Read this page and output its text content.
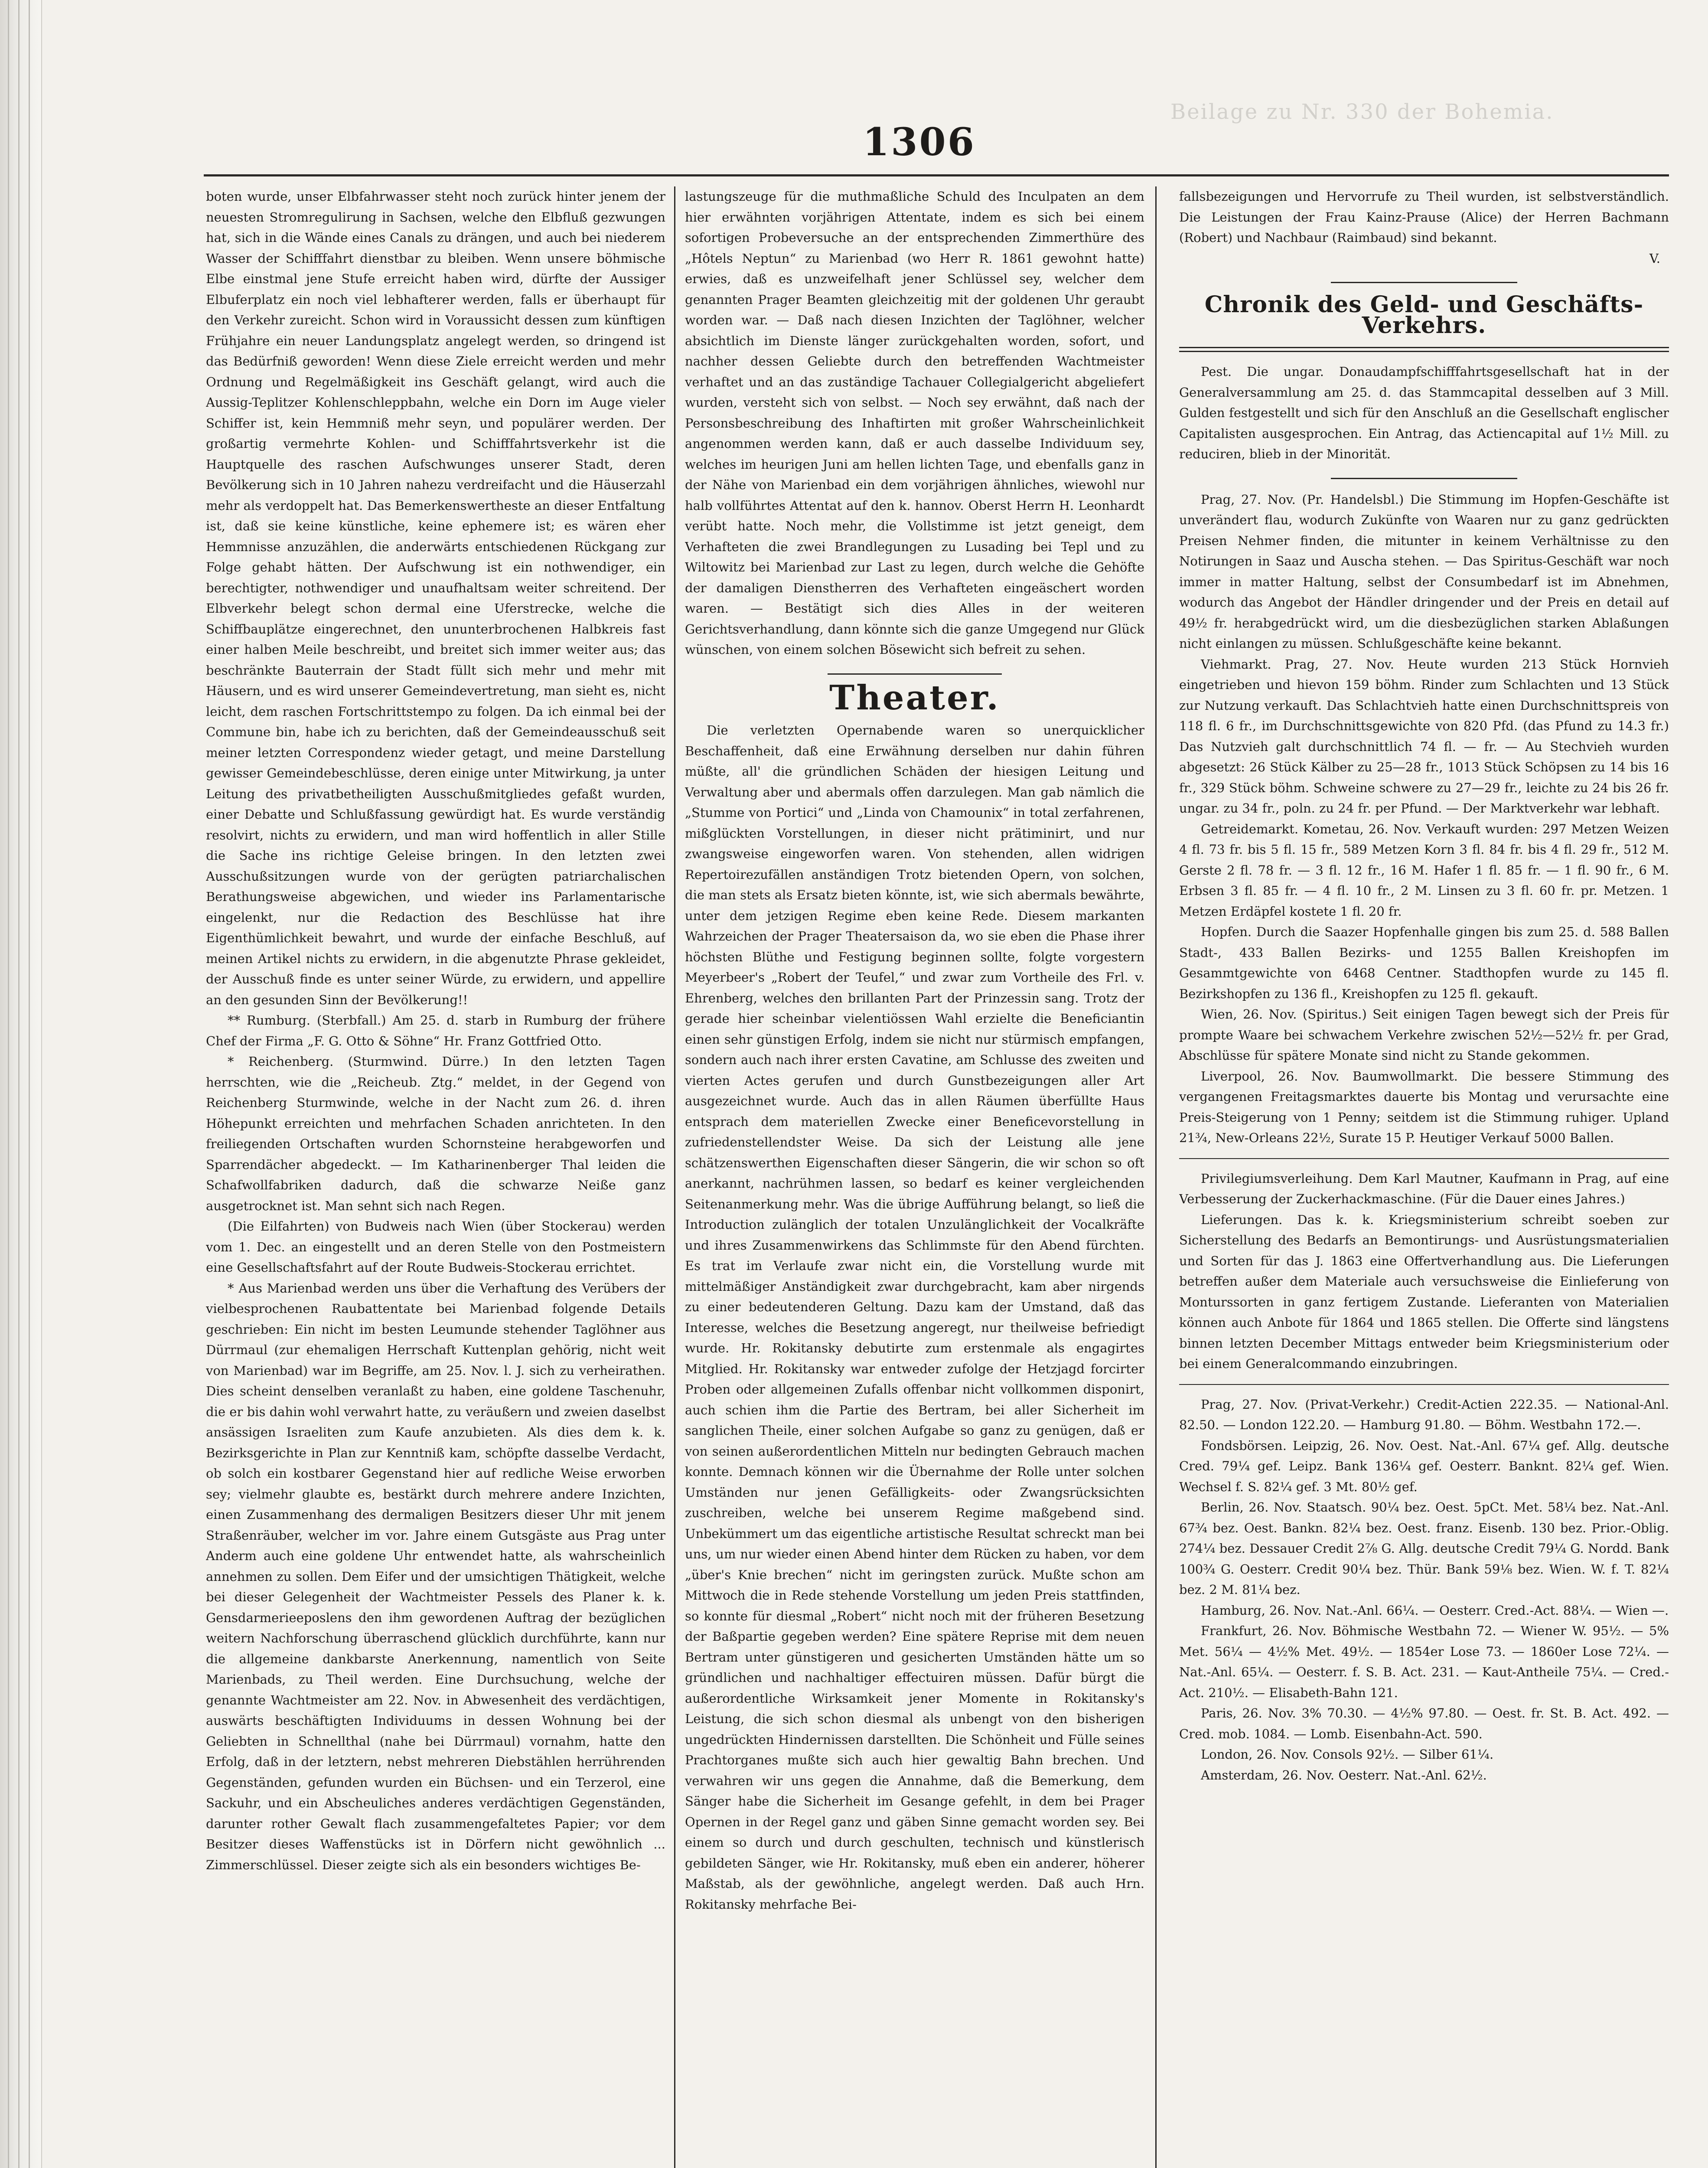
Beilage zu Nr. 330 der Bohemia.
1306

boten wurde, unser Elbfahrwasser steht noch zurück hinter jenem der neuesten Stromregulirung in Sachsen, welche den Elbfluß gezwungen hat, sich in die Wände eines Canals zu drängen, und auch bei niederem Wasser der Schifffahrt dienstbar zu bleiben. Wenn unsere böhmische Elbe einstmal jene Stufe erreicht haben wird, dürfte der Aussiger Elbuferplatz ein noch viel lebhafterer werden, falls er überhaupt für den Verkehr zureicht. Schon wird in Voraussicht dessen zum künftigen Frühjahre ein neuer Landungsplatz angelegt werden, so dringend ist das Bedürfniß geworden! Wenn diese Ziele erreicht werden und mehr Ordnung und Regelmäßigkeit ins Geschäft gelangt, wird auch die Aussig-Teplitzer Kohlenschleppbahn, welche ein Dorn im Auge vieler Schiffer ist, kein Hemmniß mehr seyn, und populärer werden. Der großartig vermehrte Kohlen- und Schifffahrtsverkehr ist die Hauptquelle des raschen Aufschwunges unserer Stadt, deren Bevölkerung sich in 10 Jahren nahezu verdreifacht und die Häuserzahl mehr als verdoppelt hat. Das Bemerkenswertheste an dieser Entfaltung ist, daß sie keine künstliche, keine ephemere ist; es wären eher Hemmnisse anzuzählen, die anderwärts entschiedenen Rückgang zur Folge gehabt hätten. Der Aufschwung ist ein nothwendiger, ein berechtigter, nothwendiger und unaufhaltsam weiter schreitend. Der Elbverkehr belegt schon dermal eine Uferstrecke, welche die Schiffbauplätze eingerechnet, den ununterbrochenen Halbkreis fast einer halben Meile beschreibt, und breitet sich immer weiter aus; das beschränkte Bauterrain der Stadt füllt sich mehr und mehr mit Häusern, und es wird unserer Gemeindevertretung, man sieht es, nicht leicht, dem raschen Fortschrittstempo zu folgen. Da ich einmal bei der Commune bin, habe ich zu berichten, daß der Gemeindeausschuß seit meiner letzten Correspondenz wieder getagt, und meine Darstellung gewisser Gemeindebeschlüsse, deren einige unter Mitwirkung, ja unter Leitung des privatbetheiligten Ausschußmitgliedes gefaßt wurden, einer Debatte und Schlußfassung gewürdigt hat. Es wurde verständig resolvirt, nichts zu erwidern, und man wird hoffentlich in aller Stille die Sache ins richtige Geleise bringen. In den letzten zwei Ausschußsitzungen wurde von der gerügten patriarchalischen Berathungsweise abgewichen, und wieder ins Parlamentarische eingelenkt, nur die Redaction des Beschlüsse hat ihre Eigenthümlichkeit bewahrt, und wurde der einfache Beschluß, auf meinen Artikel nichts zu erwidern, in die abgenutzte Phrase gekleidet, der Ausschuß finde es unter seiner Würde, zu erwidern, und appellire an den gesunden Sinn der Bevölkerung!!

** Rumburg. (Sterbfall.) Am 25. d. starb in Rumburg der frühere Chef der Firma „F. G. Otto & Söhne“ Hr. Franz Gottfried Otto.

* Reichenberg. (Sturmwind. Dürre.) In den letzten Tagen herrschten, wie die „Reicheub. Ztg.“ meldet, in der Gegend von Reichenberg Sturmwinde, welche in der Nacht zum 26. d. ihren Höhepunkt erreichten und mehrfachen Schaden anrichteten. In den freiliegenden Ortschaften wurden Schornsteine herabgeworfen und Sparrendächer abgedeckt. — Im Katharinenberger Thal leiden die Schafwollfabriken dadurch, daß die schwarze Neiße ganz ausgetrocknet ist. Man sehnt sich nach Regen.

(Die Eilfahrten) von Budweis nach Wien (über Stockerau) werden vom 1. Dec. an eingestellt und an deren Stelle von den Postmeistern eine Gesellschaftsfahrt auf der Route Budweis-Stockerau errichtet.

* Aus Marienbad werden uns über die Verhaftung des Verübers der vielbesprochenen Raubattentate bei Marienbad folgende Details geschrieben: Ein nicht im besten Leumunde stehender Taglöhner aus Dürrmaul (zur ehemaligen Herrschaft Kuttenplan gehörig, nicht weit von Marienbad) war im Begriffe, am 25. Nov. l. J. sich zu verheirathen. Dies scheint denselben veranlaßt zu haben, eine goldene Taschenuhr, die er bis dahin wohl verwahrt hatte, zu veräußern und zweien daselbst ansässigen Israeliten zum Kaufe anzubieten. Als dies dem k. k. Bezirksgerichte in Plan zur Kenntniß kam, schöpfte dasselbe Verdacht, ob solch ein kostbarer Gegenstand hier auf redliche Weise erworben sey; vielmehr glaubte es, bestärkt durch mehrere andere Inzichten, einen Zusammenhang des dermaligen Besitzers dieser Uhr mit jenem Straßenräuber, welcher im vor. Jahre einem Gutsgäste aus Prag unter Anderm auch eine goldene Uhr entwendet hatte, als wahrscheinlich annehmen zu sollen. Dem Eifer und der umsichtigen Thätigkeit, welche bei dieser Gelegenheit der Wachtmeister Pessels des Planer k. k. Gensdarmerieeposlens den ihm gewordenen Auftrag der bezüglichen weitern Nachforschung überraschend glücklich durchführte, kann nur die allgemeine dankbarste Anerkennung, namentlich von Seite Marienbads, zu Theil werden. Eine Durchsuchung, welche der genannte Wachtmeister am 22. Nov. in Abwesenheit des verdächtigen, auswärts beschäftigten Individuums in dessen Wohnung bei der Geliebten in Schnellthal (nahe bei Dürrmaul) vornahm, hatte den Erfolg, daß in der letztern, nebst mehreren Diebstählen herrührenden Gegenständen, gefunden wurden ein Büchsen- und ein Terzerol, eine Sackuhr, und ein Abscheuliches anderes verdächtigen Gegenständen, darunter rother Gewalt flach zusammengefaltetes Papier; vor dem Besitzer dieses Waffenstücks ist in Dörfern nicht gewöhnlich ... Zimmerschlüssel. Dieser zeigte sich als ein besonders wichtiges Be-

lastungszeuge für die muthmaßliche Schuld des Inculpaten an dem hier erwähnten vorjährigen Attentate, indem es sich bei einem sofortigen Probeversuche an der entsprechenden Zimmerthüre des „Hôtels Neptun“ zu Marienbad (wo Herr R. 1861 gewohnt hatte) erwies, daß es unzweifelhaft jener Schlüssel sey, welcher dem genannten Prager Beamten gleichzeitig mit der goldenen Uhr geraubt worden war. — Daß nach diesen Inzichten der Taglöhner, welcher absichtlich im Dienste länger zurückgehalten worden, sofort, und nachher dessen Geliebte durch den betreffenden Wachtmeister verhaftet und an das zuständige Tachauer Collegialgericht abgeliefert wurden, versteht sich von selbst. — Noch sey erwähnt, daß nach der Personsbeschreibung des Inhaftirten mit großer Wahrscheinlichkeit angenommen werden kann, daß er auch dasselbe Individuum sey, welches im heurigen Juni am hellen lichten Tage, und ebenfalls ganz in der Nähe von Marienbad ein dem vorjährigen ähnliches, wiewohl nur halb vollführtes Attentat auf den k. hannov. Oberst Herrn H. Leonhardt verübt hatte. Noch mehr, die Vollstimme ist jetzt geneigt, dem Verhafteten die zwei Brandlegungen zu Lusading bei Tepl und zu Wiltowitz bei Marienbad zur Last zu legen, durch welche die Gehöfte der damaligen Dienstherren des Verhafteten eingeäschert worden waren. — Bestätigt sich dies Alles in der weiteren Gerichtsverhandlung, dann könnte sich die ganze Umgegend nur Glück wünschen, von einem solchen Bösewicht sich befreit zu sehen.

Theater.

Die verletzten Opernabende waren so unerquicklicher Beschaffenheit, daß eine Erwähnung derselben nur dahin führen müßte, all' die gründlichen Schäden der hiesigen Leitung und Verwaltung aber und abermals offen darzulegen. Man gab nämlich die „Stumme von Portici“ und „Linda von Chamounix“ in total zerfahrenen, mißglückten Vorstellungen, in dieser nicht prätiminirt, und nur zwangsweise eingeworfen waren. Von stehenden, allen widrigen Repertoirezufällen anständigen Trotz bietenden Opern, von solchen, die man stets als Ersatz bieten könnte, ist, wie sich abermals bewährte, unter dem jetzigen Regime eben keine Rede. Diesem markanten Wahrzeichen der Prager Theatersaison da, wo sie eben die Phase ihrer höchsten Blüthe und Festigung beginnen sollte, folgte vorgestern Meyerbeer's „Robert der Teufel,“ und zwar zum Vortheile des Frl. v. Ehrenberg, welches den brillanten Part der Prinzessin sang. Trotz der gerade hier scheinbar vielentiössen Wahl erzielte die Beneficiantin einen sehr günstigen Erfolg, indem sie nicht nur stürmisch empfangen, sondern auch nach ihrer ersten Cavatine, am Schlusse des zweiten und vierten Actes gerufen und durch Gunstbezeigungen aller Art ausgezeichnet wurde. Auch das in allen Räumen überfüllte Haus entsprach dem materiellen Zwecke einer Beneficevorstellung in zufriedenstellendster Weise. Da sich der Leistung alle jene schätzenswerthen Eigenschaften dieser Sängerin, die wir schon so oft anerkannt, nachrühmen lassen, so bedarf es keiner vergleichenden Seitenanmerkung mehr. Was die übrige Aufführung belangt, so ließ die Introduction zulänglich der totalen Unzulänglichkeit der Vocalkräfte und ihres Zusammenwirkens das Schlimmste für den Abend fürchten. Es trat im Verlaufe zwar nicht ein, die Vorstellung wurde mit mittelmäßiger Anständigkeit zwar durchgebracht, kam aber nirgends zu einer bedeutenderen Geltung. Dazu kam der Umstand, daß das Interesse, welches die Besetzung angeregt, nur theilweise befriedigt wurde. Hr. Rokitansky debutirte zum erstenmale als engagirtes Mitglied. Hr. Rokitansky war entweder zufolge der Hetzjagd forcirter Proben oder allgemeinen Zufalls offenbar nicht vollkommen disponirt, auch schien ihm die Partie des Bertram, bei aller Sicherheit im sanglichen Theile, einer solchen Aufgabe so ganz zu genügen, daß er von seinen außerordentlichen Mitteln nur bedingten Gebrauch machen konnte. Demnach können wir die Übernahme der Rolle unter solchen Umständen nur jenen Gefälligkeits- oder Zwangsrücksichten zuschreiben, welche bei unserem Regime maßgebend sind. Unbekümmert um das eigentliche artistische Resultat schreckt man bei uns, um nur wieder einen Abend hinter dem Rücken zu haben, vor dem „über's Knie brechen“ nicht im geringsten zurück. Mußte schon am Mittwoch die in Rede stehende Vorstellung um jeden Preis stattfinden, so konnte für diesmal „Robert“ nicht noch mit der früheren Besetzung der Baßpartie gegeben werden? Eine spätere Reprise mit dem neuen Bertram unter günstigeren und gesicherten Umständen hätte um so gründlichen und nachhaltiger effectuiren müssen. Dafür bürgt die außerordentliche Wirksamkeit jener Momente in Rokitansky's Leistung, die sich schon diesmal als unbengt von den bisherigen ungedrückten Hindernissen darstellten. Die Schönheit und Fülle seines Prachtorganes mußte sich auch hier gewaltig Bahn brechen. Und verwahren wir uns gegen die Annahme, daß die Bemerkung, dem Sänger habe die Sicherheit im Gesange gefehlt, in dem bei Prager Opernen in der Regel ganz und gäben Sinne gemacht worden sey. Bei einem so durch und durch geschulten, technisch und künstlerisch gebildeten Sänger, wie Hr. Rokitansky, muß eben ein anderer, höherer Maßstab, als der gewöhnliche, angelegt werden. Daß auch Hrn. Rokitansky mehrfache Bei-

fallsbezeigungen und Hervorrufe zu Theil wurden, ist selbstverständlich. Die Leistungen der Frau Kainz-Prause (Alice) der Herren Bachmann (Robert) und Nachbaur (Raimbaud) sind bekannt.

V.
Chronik des Geld- und Geschäfts-Verkehrs.

Pest. Die ungar. Donaudampfschifffahrtsgesellschaft hat in der Generalversammlung am 25. d. das Stammcapital desselben auf 3 Mill. Gulden festgestellt und sich für den Anschluß an die Gesellschaft englischer Capitalisten ausgesprochen. Ein Antrag, das Actiencapital auf 1½ Mill. zu reduciren, blieb in der Minorität.

Prag, 27. Nov. (Pr. Handelsbl.) Die Stimmung im Hopfen-Geschäfte ist unverändert flau, wodurch Zukünfte von Waaren nur zu ganz gedrückten Preisen Nehmer finden, die mitunter in keinem Verhältnisse zu den Notirungen in Saaz und Auscha stehen. — Das Spiritus-Geschäft war noch immer in matter Haltung, selbst der Consumbedarf ist im Abnehmen, wodurch das Angebot der Händler dringender und der Preis en detail auf 49½ fr. herabgedrückt wird, um die diesbezüglichen starken Ablaßungen nicht einlangen zu müssen. Schlußgeschäfte keine bekannt.

Viehmarkt. Prag, 27. Nov. Heute wurden 213 Stück Hornvieh eingetrieben und hievon 159 böhm. Rinder zum Schlachten und 13 Stück zur Nutzung verkauft. Das Schlachtvieh hatte einen Durchschnittspreis von 118 fl. 6 fr., im Durchschnittsgewichte von 820 Pfd. (das Pfund zu 14.3 fr.) Das Nutzvieh galt durchschnittlich 74 fl. — fr. — Au Stechvieh wurden abgesetzt: 26 Stück Kälber zu 25—28 fr., 1013 Stück Schöpsen zu 14 bis 16 fr., 329 Stück böhm. Schweine schwere zu 27—29 fr., leichte zu 24 bis 26 fr. ungar. zu 34 fr., poln. zu 24 fr. per Pfund. — Der Marktverkehr war lebhaft.

Getreidemarkt. Kometau, 26. Nov. Verkauft wurden: 297 Metzen Weizen 4 fl. 73 fr. bis 5 fl. 15 fr., 589 Metzen Korn 3 fl. 84 fr. bis 4 fl. 29 fr., 512 M. Gerste 2 fl. 78 fr. — 3 fl. 12 fr., 16 M. Hafer 1 fl. 85 fr. — 1 fl. 90 fr., 6 M. Erbsen 3 fl. 85 fr. — 4 fl. 10 fr., 2 M. Linsen zu 3 fl. 60 fr. pr. Metzen. 1 Metzen Erdäpfel kostete 1 fl. 20 fr.

Hopfen. Durch die Saazer Hopfenhalle gingen bis zum 25. d. 588 Ballen Stadt-, 433 Ballen Bezirks- und 1255 Ballen Kreishopfen im Gesammtgewichte von 6468 Centner. Stadthopfen wurde zu 145 fl. Bezirkshopfen zu 136 fl., Kreishopfen zu 125 fl. gekauft.

Wien, 26. Nov. (Spiritus.) Seit einigen Tagen bewegt sich der Preis für prompte Waare bei schwachem Verkehre zwischen 52½—52½ fr. per Grad, Abschlüsse für spätere Monate sind nicht zu Stande gekommen.

Liverpool, 26. Nov. Baumwollmarkt. Die bessere Stimmung des vergangenen Freitagsmarktes dauerte bis Montag und verursachte eine Preis-Steigerung von 1 Penny; seitdem ist die Stimmung ruhiger. Upland 21¾, New-Orleans 22½, Surate 15 P. Heutiger Verkauf 5000 Ballen.

Privilegiumsverleihung. Dem Karl Mautner, Kaufmann in Prag, auf eine Verbesserung der Zuckerhackmaschine. (Für die Dauer eines Jahres.)

Lieferungen. Das k. k. Kriegsministerium schreibt soeben zur Sicherstellung des Bedarfs an Bemontirungs- und Ausrüstungsmaterialien und Sorten für das J. 1863 eine Offertverhandlung aus. Die Lieferungen betreffen außer dem Materiale auch versuchsweise die Einlieferung von Monturssorten in ganz fertigem Zustande. Lieferanten von Materialien können auch Anbote für 1864 und 1865 stellen. Die Offerte sind längstens binnen letzten December Mittags entweder beim Kriegsministerium oder bei einem Generalcommando einzubringen.

Prag, 27. Nov. (Privat-Verkehr.) Credit-Actien 222.35. — National-Anl. 82.50. — London 122.20. — Hamburg 91.80. — Böhm. Westbahn 172.—.

Fondsbörsen. Leipzig, 26. Nov. Oest. Nat.-Anl. 67¼ gef. Allg. deutsche Cred. 79¼ gef. Leipz. Bank 136¼ gef. Oesterr. Banknt. 82¼ gef. Wien. Wechsel f. S. 82¼ gef. 3 Mt. 80½ gef.

Berlin, 26. Nov. Staatsch. 90¼ bez. Oest. 5pCt. Met. 58¼ bez. Nat.-Anl. 67¾ bez. Oest. Bankn. 82¼ bez. Oest. franz. Eisenb. 130 bez. Prior.-Oblig. 274¼ bez. Dessauer Credit 2⅞ G. Allg. deutsche Credit 79¼ G. Nordd. Bank 100¾ G. Oesterr. Credit 90¼ bez. Thür. Bank 59⅛ bez. Wien. W. f. T. 82¼ bez. 2 M. 81¼ bez.

Hamburg, 26. Nov. Nat.-Anl. 66¼. — Oesterr. Cred.-Act. 88¼. — Wien —.

Frankfurt, 26. Nov. Böhmische Westbahn 72. — Wiener W. 95½. — 5% Met. 56¼ — 4½% Met. 49½. — 1854er Lose 73. — 1860er Lose 72¼. — Nat.-Anl. 65¼. — Oesterr. f. S. B. Act. 231. — Kaut-Antheile 75¼. — Cred.-Act. 210½. — Elisabeth-Bahn 121.

Paris, 26. Nov. 3% 70.30. — 4½% 97.80. — Oest. fr. St. B. Act. 492. — Cred. mob. 1084. — Lomb. Eisenbahn-Act. 590.

London, 26. Nov. Consols 92½. — Silber 61¼.

Amsterdam, 26. Nov. Oesterr. Nat.-Anl. 62½.
